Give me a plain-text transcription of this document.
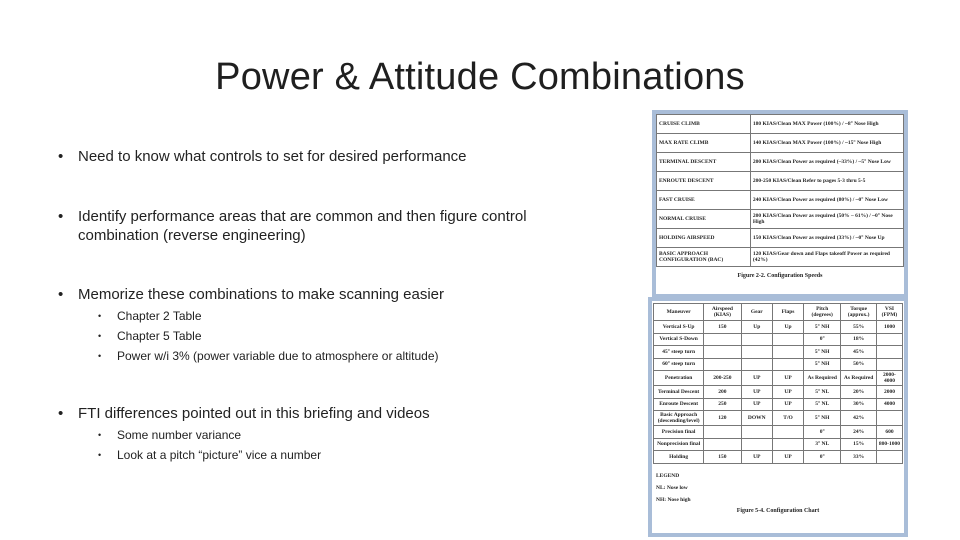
Power & Attitude Combinations
• Need to know what controls to set for desired performance
• Identify performance areas that are common and then figure control combination (reverse engineering)
• Memorize these combinations to make scanning easier
• Chapter 2 Table
• Chapter 5 Table
• Power w/i 3% (power variable due to atmosphere or altitude)
• FTI differences pointed out in this briefing and videos
• Some number variance
• Look at a pitch “picture” vice a number
CRUISE CLIMB	180 KIAS/Clean MAX Power (100%) / ~8° Nose High
MAX RATE CLIMB	140 KIAS/Clean MAX Power (100%) / ~15° Nose High
TERMINAL DESCENT	200 KIAS/Clean Power as required (~33%) / ~5° Nose Low
ENROUTE DESCENT	200-250 KIAS/Clean Refer to pages 5-3 thru 5-5
FAST CRUISE	240 KIAS/Clean Power as required (80%) / ~0° Nose Low
NORMAL CRUISE	200 KIAS/Clean Power as required (50% – 61%) / ~0° Nose High
HOLDING AIRSPEED	150 KIAS/Clean Power as required (33%) / ~0° Nose Up
BASIC APPROACH CONFIGURATION (BAC)	120 KIAS/Gear down and Flaps takeoff Power as required (42%)
Figure 2-2. Configuration Speeds
Maneuver	Airspeed (KIAS)	Gear	Flaps	Pitch (degrees)	Torque (approx.)	VSI (FPM)
Vertical S-Up	150	Up	Up	5° NH	55%	1000
Vertical S-Down				0°	18%	
45° steep turn				5° NH	45%	
60° steep turn				5° NH	50%	
Penetration	200-250	UP	UP	As Required	As Required	2000-4000
Terminal Descent	200	UP	UP	5° NL	20%	2000
Enroute Descent	250	UP	UP	5° NL	30%	4000
Basic Approach (descending/level)	120	DOWN	T/O	5° NH	42%	
Precision final				0°	24%	600
Nonprecision final				3° NL	15%	800-1000
Holding	150	UP	UP	0°	33%	
LEGEND
NL: Nose low
NH: Nose high
Figure 5-4. Configuration Chart
